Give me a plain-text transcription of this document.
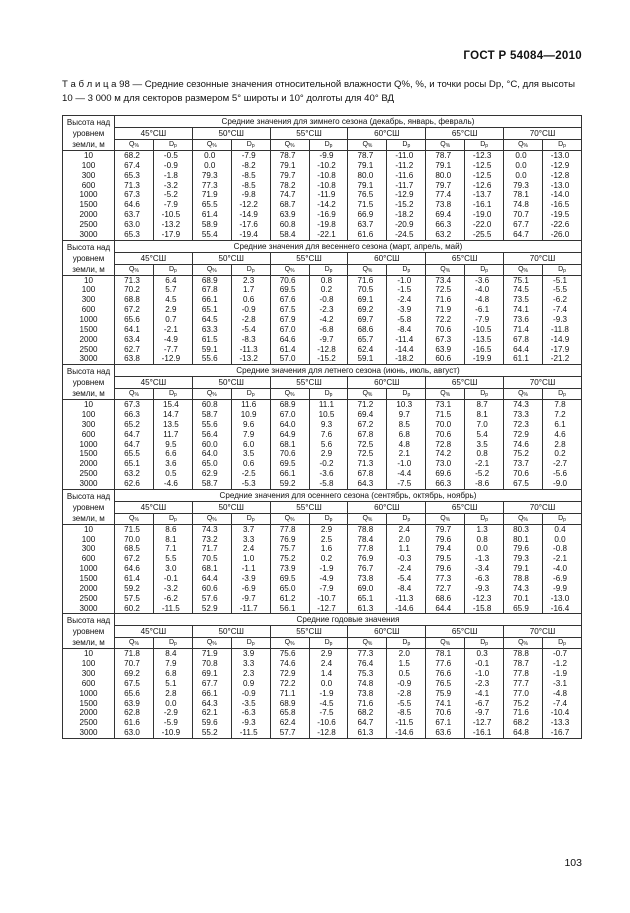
ГОСТ Р 54084—2010
Т а б л и ц а 98 — Средние сезонные значения относительной влажности Q%, %, и точки росы Dр, °С, для высоты 10 — 3 000 м для секторов размером 5° широты и 10° долготы для 40° ВД
Высота над уровнем земли, м	Средние значения для зимнего сезона (декабрь, январь, февраль)											
	45°СШ		50°СШ		55°СШ		60°СШ		65°СШ		70°СШ	
	$Q_{\%}$	$D_р$	$Q_{\%}$	$D_р$	$Q_{\%}$	$D_р$	$Q_{\%}$	$D_р$	$Q_{\%}$	$D_р$	$Q_{\%}$	$D_р$
10	68.2	-0.5	0.0	-7.9	78.7	-9.9	78.7	-11.0	78.7	-12.3	0.0	-13.0
100	67.4	-0.9	0.0	-8.2	79.1	-10.2	79.1	-11.2	79.1	-12.5	0.0	-12.9
300	65.3	-1.8	79.3	-8.5	79.7	-10.8	80.0	-11.6	80.0	-12.5	0.0	-12.8
600	71.3	-3.2	77.3	-8.5	78.2	-10.8	79.1	-11.7	79.7	-12.6	79.3	-13.0
1000	67.3	-5.2	71.9	-9.8	74.7	-11.9	76.5	-12.9	77.4	-13.7	78.1	-14.0
1500	64.6	-7.9	65.5	-12.2	68.7	-14.2	71.5	-15.2	73.8	-16.1	74.8	-16.5
2000	63.7	-10.5	61.4	-14.9	63.9	-16.9	66.9	-18.2	69.4	-19.0	70.7	-19.5
2500	63.0	-13.2	58.9	-17.6	60.8	-19.8	63.7	-20.9	66.3	-22.0	67.7	-22.6
3000	65.3	-17.9	55.4	-19.4	58.4	-22.1	61.6	-24.5	63.2	-25.5	64.7	-26.0
Высота над уровнем земли, м	Средние значения для весеннего сезона (март, апрель, май)											
	45°СШ		50°СШ		55°СШ		60°СШ		65°СШ		70°СШ	
	$Q_{\%}$	$D_р$	$Q_{\%}$	$D_р$	$Q_{\%}$	$D_р$	$Q_{\%}$	$D_р$	$Q_{\%}$	$D_р$	$Q_{\%}$	$D_р$
10	71.3	6.4	68.9	2.3	70.6	0.8	71.6	-1.0	73.4	-3.6	75.1	-5.1
100	70.2	5.7	67.8	1.7	69.5	0.2	70.5	-1.5	72.5	-4.0	74.5	-5.5
300	68.8	4.5	66.1	0.6	67.6	-0.8	69.1	-2.4	71.6	-4.8	73.5	-6.2
600	67.2	2.9	65.1	-0.9	67.5	-2.3	69.2	-3.9	71.9	-6.1	74.1	-7.4
1000	65.6	0.7	64.5	-2.8	67.9	-4.2	69.7	-5.8	72.2	-7.9	73.6	-9.3
1500	64.1	-2.1	63.3	-5.4	67.0	-6.8	68.6	-8.4	70.6	-10.5	71.4	-11.8
2000	63.4	-4.9	61.5	-8.3	64.6	-9.7	65.7	-11.4	67.3	-13.5	67.8	-14.9
2500	62.7	-7.7	59.1	-11.3	61.4	-12.8	62.4	-14.4	63.9	-16.5	64.4	-17.9
3000	63.8	-12.9	55.6	-13.2	57.0	-15.2	59.1	-18.2	60.6	-19.9	61.1	-21.2
Высота над уровнем земли, м	Средние значения для летнего сезона (июнь, июль, август)											
	45°СШ		50°СШ		55°СШ		60°СШ		65°СШ		70°СШ	
	$Q_{\%}$	$D_р$	$Q_{\%}$	$D_р$	$Q_{\%}$	$D_р$	$Q_{\%}$	$D_р$	$Q_{\%}$	$D_р$	$Q_{\%}$	$D_р$
10	67.3	15.4	60.8	11.6	68.9	11.1	71.2	10.3	73.1	8.7	74.3	7.8
100	66.3	14.7	58.7	10.9	67.0	10.5	69.4	9.7	71.5	8.1	73.3	7.2
300	65.2	13.5	55.6	9.6	64.0	9.3	67.2	8.5	70.0	7.0	72.3	6.1
600	64.7	11.7	56.4	7.9	64.9	7.6	67.8	6.8	70.6	5.4	72.9	4.6
1000	64.7	9.5	60.0	6.0	68.1	5.6	72.5	4.8	72.8	3.5	74.6	2.8
1500	65.5	6.6	64.0	3.5	70.6	2.9	72.5	2.1	74.2	0.8	75.2	0.2
2000	65.1	3.6	65.0	0.6	69.5	-0.2	71.3	-1.0	73.0	-2.1	73.7	-2.7
2500	63.2	0.5	62.9	-2.5	66.1	-3.6	67.8	-4.4	69.6	-5.2	70.6	-5.6
3000	62.6	-4.6	58.7	-5.3	59.2	-5.8	64.3	-7.5	66.3	-8.6	67.5	-9.0
Высота над уровнем земли, м	Средние значения для осеннего сезона (сентябрь, октябрь, ноябрь)											
	45°СШ		50°СШ		55°СШ		60°СШ		65°СШ		70°СШ	
	$Q_{\%}$	$D_р$	$Q_{\%}$	$D_р$	$Q_{\%}$	$D_р$	$Q_{\%}$	$D_р$	$Q_{\%}$	$D_р$	$Q_{\%}$	$D_р$
10	71.5	8.6	74.3	3.7	77.8	2.9	78.8	2.4	79.7	1.3	80.3	0.4
100	70.0	8.1	73.2	3.3	76.9	2.5	78.4	2.0	79.6	0.8	80.1	0.0
300	68.5	7.1	71.7	2.4	75.7	1.6	77.8	1.1	79.4	0.0	79.6	-0.8
600	67.2	5.5	70.5	1.0	75.2	0.2	76.9	-0.3	79.5	-1.3	79.3	-2.1
1000	64.6	3.0	68.1	-1.1	73.9	-1.9	76.7	-2.4	79.6	-3.4	79.1	-4.0
1500	61.4	-0.1	64.4	-3.9	69.5	-4.9	73.8	-5.4	77.3	-6.3	78.8	-6.9
2000	59.2	-3.2	60.6	-6.9	65.0	-7.9	69.0	-8.4	72.7	-9.3	74.3	-9.9
2500	57.5	-6.2	57.6	-9.7	61.2	-10.7	65.1	-11.3	68.6	-12.3	70.1	-13.0
3000	60.2	-11.5	52.9	-11.7	56.1	-12.7	61.3	-14.6	64.4	-15.8	65.9	-16.4
Высота над уровнем земли, м	Средние годовые значения											
	45°СШ		50°СШ		55°СШ		60°СШ		65°СШ		70°СШ	
	$Q_{\%}$	$D_р$	$Q_{\%}$	$D_р$	$Q_{\%}$	$D_р$	$Q_{\%}$	$D_р$	$Q_{\%}$	$D_р$	$Q_{\%}$	$D_р$
10	71.8	8.4	71.9	3.9	75.6	2.9	77.3	2.0	78.1	0.3	78.8	-0.7
100	70.7	7.9	70.8	3.3	74.6	2.4	76.4	1.5	77.6	-0.1	78.7	-1.2
300	69.2	6.8	69.1	2.3	72.9	1.4	75.3	0.5	76.6	-1.0	77.8	-1.9
600	67.5	5.1	67.7	0.9	72.2	0.0	74.8	-0.9	76.5	-2.3	77.7	-3.1
1000	65.6	2.8	66.1	-0.9	71.1	-1.9	73.8	-2.8	75.9	-4.1	77.0	-4.8
1500	63.9	0.0	64.3	-3.5	68.9	-4.5	71.6	-5.5	74.1	-6.7	75.2	-7.4
2000	62.8	-2.9	62.1	-6.3	65.8	-7.5	68.2	-8.5	70.6	-9.7	71.6	-10.4
2500	61.6	-5.9	59.6	-9.3	62.4	-10.6	64.7	-11.5	67.1	-12.7	68.2	-13.3
3000	63.0	-10.9	55.2	-11.5	57.7	-12.8	61.3	-14.6	63.6	-16.1	64.8	-16.7
103
